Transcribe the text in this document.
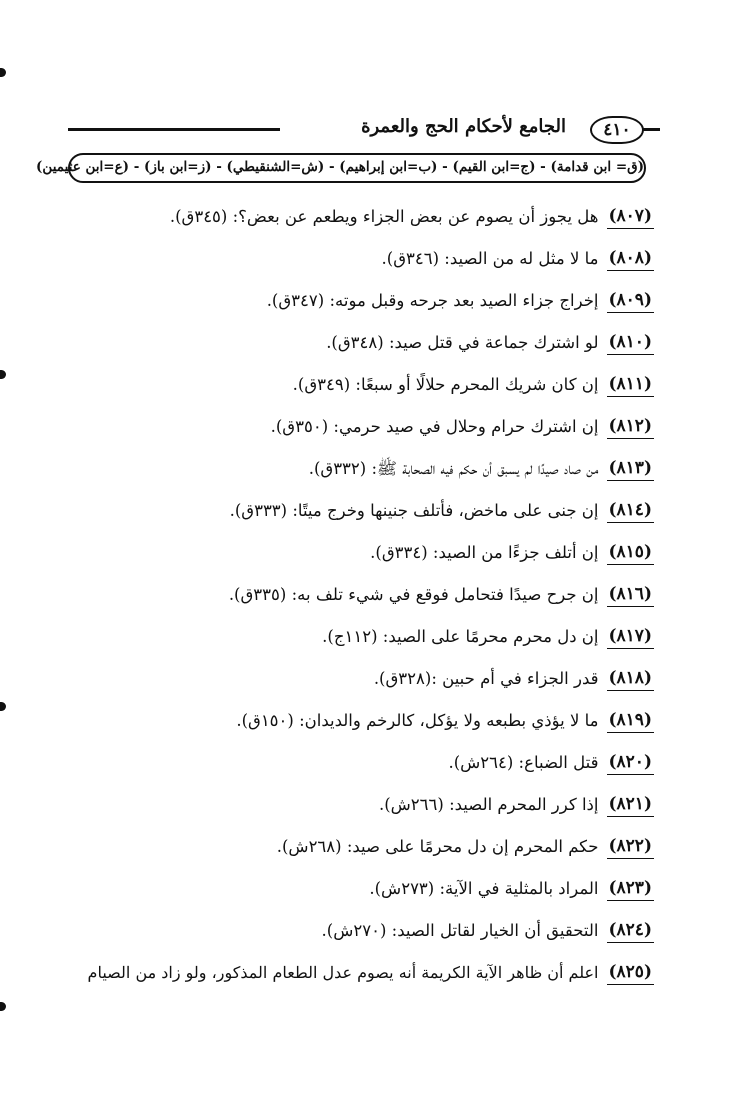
٤١٠
الجامع لأحكام الحج والعمرة
(ق= ابن قدامة) - (ج=ابن القيم) - (ب=ابن إبراهيم) - (ش=الشنقيطي) - (ز=ابن باز) - (ع=ابن عثيمين)
(٨٠٧)
هل يجوز أن يصوم عن بعض الجزاء ويطعم عن بعض؟: (٣٤٥ق).
(٨٠٨)
ما لا مثل له من الصيد: (٣٤٦ق).
(٨٠٩)
إخراج جزاء الصيد بعد جرحه وقبل موته: (٣٤٧ق).
(٨١٠)
لو اشترك جماعة في قتل صيد: (٣٤٨ق).
(٨١١)
إن كان شريك المحرم حلالًا أو سبعًا: (٣٤٩ق).
(٨١٢)
إن اشترك حرام وحلال في صيد حرمي: (٣٥٠ق).
(٨١٣)
من صاد صيدًا لم يسبق أن حكم فيه الصحابة ﷺ: (٣٣٢ق).
(٨١٤)
إن جنى على ماخض، فأتلف جنينها وخرج ميتًا: (٣٣٣ق).
(٨١٥)
إن أتلف جزءًا من الصيد: (٣٣٤ق).
(٨١٦)
إن جرح صيدًا فتحامل فوقع في شيء تلف به: (٣٣٥ق).
(٨١٧)
إن دل محرم محرمًا على الصيد: (١١٢ج).
(٨١٨)
قدر الجزاء في أم حبين :(٣٢٨ق).
(٨١٩)
ما لا يؤذي بطبعه ولا يؤكل، كالرخم والديدان: (١٥٠ق).
(٨٢٠)
قتل الضباع: (٢٦٤ش).
(٨٢١)
إذا كرر المحرم الصيد: (٢٦٦ش).
(٨٢٢)
حكم المحرم إن دل محرمًا على صيد: (٢٦٨ش).
(٨٢٣)
المراد بالمثلية في الآية: (٢٧٣ش).
(٨٢٤)
التحقيق أن الخيار لقاتل الصيد: (٢٧٠ش).
(٨٢٥)
اعلم أن ظاهر الآية الكريمة أنه يصوم عدل الطعام المذكور، ولو زاد من الصيام
